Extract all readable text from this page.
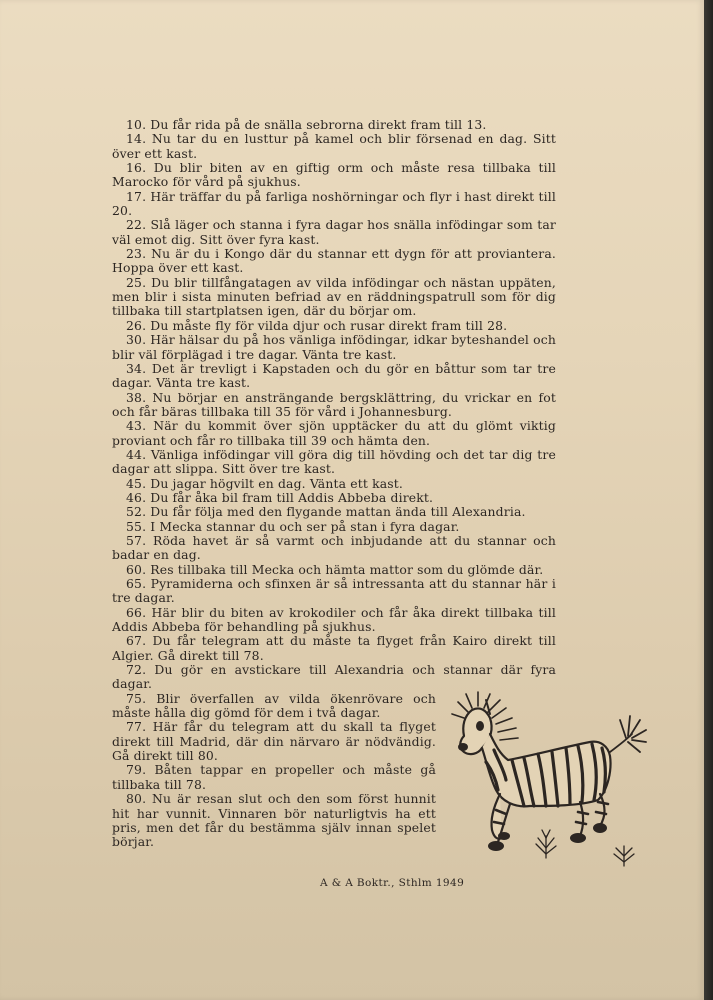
10. Du får rida på de snälla sebrorna direkt fram till 13.

14. Nu tar du en lusttur på kamel och blir försenad en dag. Sitt över ett kast.

16. Du blir biten av en giftig orm och måste resa tillbaka till Marocko för vård på sjukhus.

17. Här träffar du på farliga noshörningar och flyr i hast direkt till 20.

22. Slå läger och stanna i fyra dagar hos snälla infödingar som tar väl emot dig. Sitt över fyra kast.

23. Nu är du i Kongo där du stannar ett dygn för att proviantera. Hoppa över ett kast.

25. Du blir tillfångatagen av vilda infödingar och nästan uppäten, men blir i sista minuten befriad av en räddningspatrull som för dig tillbaka till startplatsen igen, där du börjar om.

26. Du måste fly för vilda djur och rusar direkt fram till 28.

30. Här hälsar du på hos vänliga infödingar, idkar byteshandel och blir väl förplägad i tre dagar. Vänta tre kast.

34. Det är trevligt i Kapstaden och du gör en båttur som tar tre dagar. Vänta tre kast.

38. Nu börjar en ansträngande bergsklättring, du vrickar en fot och får bäras tillbaka till 35 för vård i Johannesburg.

43. När du kommit över sjön upptäcker du att du glömt viktig proviant och får ro tillbaka till 39 och hämta den.

44. Vänliga infödingar vill göra dig till hövding och det tar dig tre dagar att slippa. Sitt över tre kast.

45. Du jagar högvilt en dag. Vänta ett kast.

46. Du får åka bil fram till Addis Abbeba direkt.

52. Du får följa med den flygande mattan ända till Alexandria.

55. I Mecka stannar du och ser på stan i fyra dagar.

57. Röda havet är så varmt och inbjudande att du stannar och badar en dag.

60. Res tillbaka till Mecka och hämta mattor som du glömde där.

65. Pyramiderna och sfinxen är så intressanta att du stannar här i tre dagar.

66. Här blir du biten av krokodiler och får åka direkt tillbaka till Addis Abbeba för behandling på sjukhus.

67. Du får telegram att du måste ta flyget från Kairo direkt till Algier. Gå direkt till 78.

72. Du gör en avstickare till Alexandria och stannar där fyra dagar.

75. Blir överfallen av vilda ökenrövare och måste hålla dig gömd för dem i två dagar.

77. Här får du telegram att du skall ta flyget direkt till Madrid, där din närvaro är nödvändig. Gå direkt till 80.

79. Båten tappar en propeller och måste gå tillbaka till 78.

80. Nu är resan slut och den som först hunnit hit har vunnit. Vinnaren bör naturligtvis ha ett pris, men det får du bestämma själv innan spelet börjar.

A & A Boktr., Sthlm 1949
